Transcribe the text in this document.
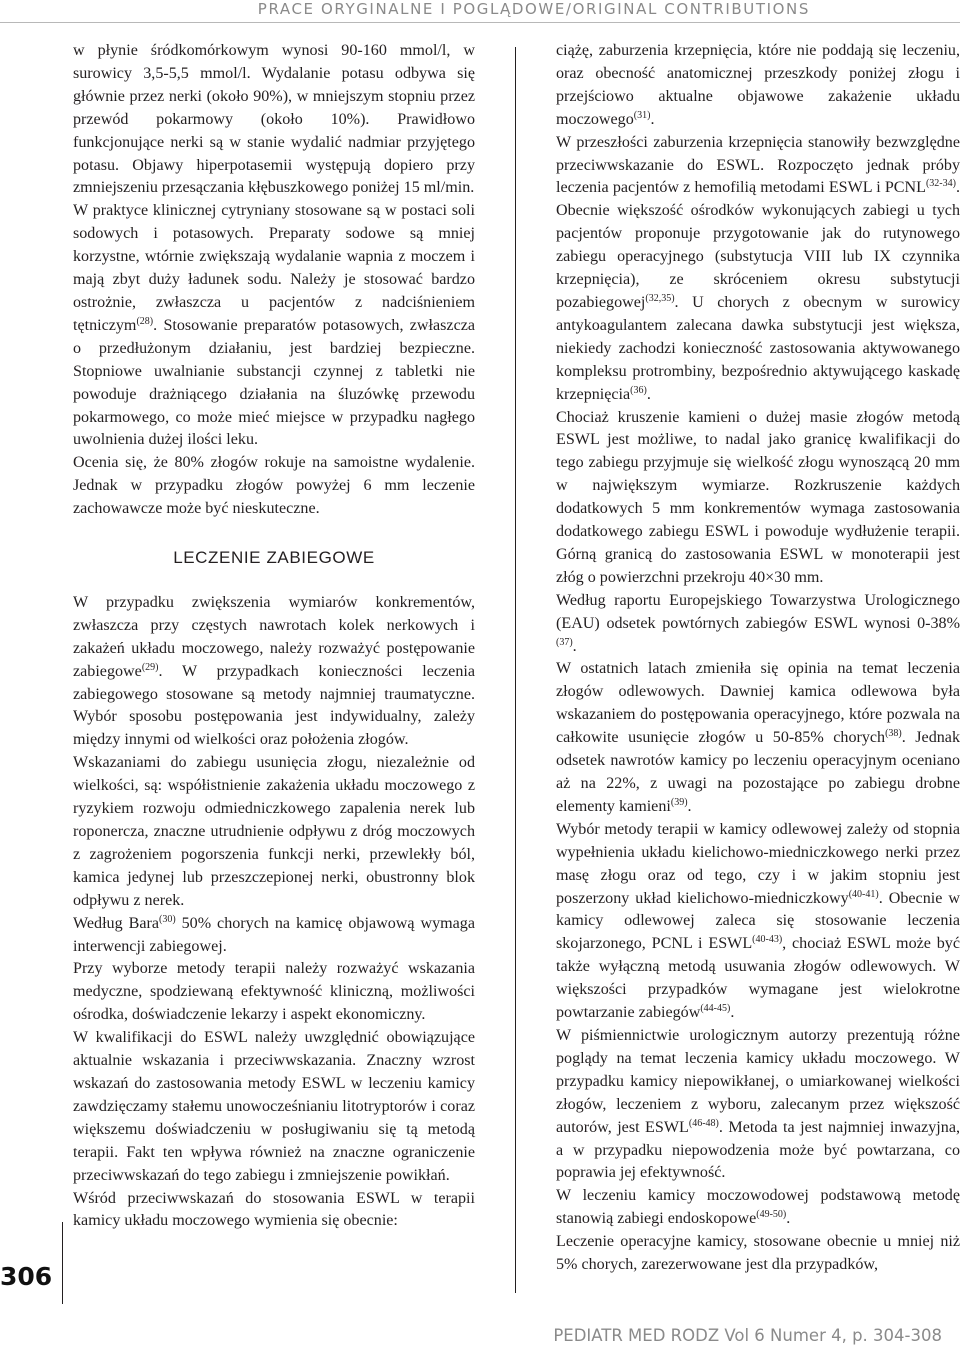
PRACE ORYGINALNE I POGLĄDOWE/ORIGINAL CONTRIBUTIONS
306

w płynie śródkomórkowym wynosi 90-160 mmol/l, w surowicy 3,5-5,5 mmol/l. Wydalanie potasu odbywa się głównie przez nerki (około 90%), w mniejszym stopniu przez przewód pokarmowy (około 10%). Prawidłowo funkcjonujące nerki są w stanie wydalić nadmiar przyjętego potasu. Objawy hiperpotasemii występują dopiero przy zmniejszeniu przesączania kłębuszkowego poniżej 15 ml/min.

W praktyce klinicznej cytryniany stosowane są w postaci soli sodowych i potasowych. Preparaty sodowe są mniej korzystne, wtórnie zwiększają wydalanie wapnia z moczem i mają zbyt duży ładunek sodu. Należy je stosować bardzo ostrożnie, zwłaszcza u pacjentów z nadciśnieniem tętniczym$^{(28)}$. Stosowanie preparatów potasowych, zwłaszcza o przedłużonym działaniu, jest bardziej bezpieczne. Stopniowe uwalnianie substancji czynnej z tabletki nie powoduje drażniącego działania na śluzówkę przewodu pokarmowego, co może mieć miejsce w przypadku nagłego uwolnienia dużej ilości leku.

Ocenia się, że 80% złogów rokuje na samoistne wydalenie. Jednak w przypadku złogów powyżej 6 mm leczenie zachowawcze może być nieskuteczne.

LECZENIE ZABIEGOWE

W przypadku zwiększenia wymiarów konkrementów, zwłaszcza przy częstych nawrotach kolek nerkowych i zakażeń układu moczowego, należy rozważyć postępowanie zabiegowe$^{(29)}$. W przypadkach konieczności leczenia zabiegowego stosowane są metody najmniej traumatyczne. Wybór sposobu postępowania jest indywidualny, zależy między innymi od wielkości oraz położenia złogów.

Wskazaniami do zabiegu usunięcia złogu, niezależnie od wielkości, są: współistnienie zakażenia układu moczowego z ryzykiem rozwoju odmiedniczkowego zapalenia nerek lub roponercza, znaczne utrudnienie odpływu z dróg moczowych z zagrożeniem pogorszenia funkcji nerki, przewlekły ból, kamica jedynej lub przeszczepionej nerki, obustronny blok odpływu z nerek.

Według Bara$^{(30)}$ 50% chorych na kamicę objawową wymaga interwencji zabiegowej.

Przy wyborze metody terapii należy rozważyć wskazania medyczne, spodziewaną efektywność kliniczną, możliwości ośrodka, doświadczenie lekarzy i aspekt ekonomiczny.

W kwalifikacji do ESWL należy uwzględnić obowiązujące aktualnie wskazania i przeciwwskazania. Znaczny wzrost wskazań do zastosowania metody ESWL w leczeniu kamicy zawdzięczamy stałemu unowocześnianiu litotryptorów i coraz większemu doświadczeniu w posługiwaniu się tą metodą terapii. Fakt ten wpływa również na znaczne ograniczenie przeciwwskazań do tego zabiegu i zmniejszenie powikłań.

Wśród przeciwwskazań do stosowania ESWL w terapii kamicy układu moczowego wymienia się obecnie:

ciążę, zaburzenia krzepnięcia, które nie poddają się leczeniu, oraz obecność anatomicznej przeszkody poniżej złogu i przejściowo aktualne objawowe zakażenie układu moczowego$^{(31)}$.

W przeszłości zaburzenia krzepnięcia stanowiły bezwzględne przeciwwskazanie do ESWL. Rozpoczęto jednak próby leczenia pacjentów z hemofilią metodami ESWL i PCNL$^{(32-34)}$. Obecnie większość ośrodków wykonujących zabiegi u tych pacjentów proponuje przygotowanie jak do rutynowego zabiegu operacyjnego (substytucja VIII lub IX czynnika krzepnięcia), ze skróceniem okresu substytucji pozabiegowej$^{(32,35)}$. U chorych z obecnym w surowicy antykoagulantem zalecana dawka substytucji jest większa, niekiedy zachodzi konieczność zastosowania aktywowanego kompleksu protrombiny, bezpośrednio aktywującego kaskadę krzepnięcia$^{(36)}$.

Chociaż kruszenie kamieni o dużej masie złogów metodą ESWL jest możliwe, to nadal jako granicę kwalifikacji do tego zabiegu przyjmuje się wielkość złogu wynoszącą 20 mm w największym wymiarze. Rozkruszenie każdych dodatkowych 5 mm konkrementów wymaga zastosowania dodatkowego zabiegu ESWL i powoduje wydłużenie terapii. Górną granicą do zastosowania ESWL w monoterapii jest złóg o powierzchni przekroju 40×30 mm.

Według raportu Europejskiego Towarzystwa Urologicznego (EAU) odsetek powtórnych zabiegów ESWL wynosi 0-38%$^{(37)}$.

W ostatnich latach zmieniła się opinia na temat leczenia złogów odlewowych. Dawniej kamica odlewowa była wskazaniem do postępowania operacyjnego, które pozwala na całkowite usunięcie złogów u 50-85% chorych$^{(38)}$. Jednak odsetek nawrotów kamicy po leczeniu operacyjnym oceniano aż na 22%, z uwagi na pozostające po zabiegu drobne elementy kamieni$^{(39)}$.

Wybór metody terapii w kamicy odlewowej zależy od stopnia wypełnienia układu kielichowo-miedniczkowego nerki przez masę złogu oraz od tego, czy i w jakim stopniu jest poszerzony układ kielichowo-miedniczkowy$^{(40-41)}$. Obecnie w kamicy odlewowej zaleca się stosowanie leczenia skojarzonego, PCNL i ESWL$^{(40-43)}$, chociaż ESWL może być także wyłączną metodą usuwania złogów odlewowych. W większości przypadków wymagane jest wielokrotne powtarzanie zabiegów$^{(44-45)}$.

W piśmiennictwie urologicznym autorzy prezentują różne poglądy na temat leczenia kamicy układu moczowego. W przypadku kamicy niepowikłanej, o umiarkowanej wielkości złogów, leczeniem z wyboru, zalecanym przez większość autorów, jest ESWL$^{(46-48)}$. Metoda ta jest najmniej inwazyjna, a w przypadku niepowodzenia może być powtarzana, co poprawia jej efektywność.

W leczeniu kamicy moczowodowej podstawową metodę stanowią zabiegi endoskopowe$^{(49-50)}$.

Leczenie operacyjne kamicy, stosowane obecnie u mniej niż 5% chorych, zarezerwowane jest dla przypadków,

PEDIATR MED RODZ Vol 6 Numer 4, p. 304-308
